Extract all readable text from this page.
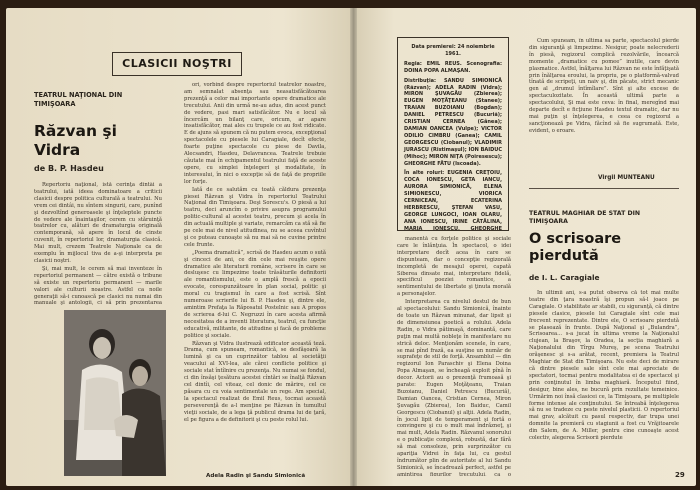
CLASICII NOŞTRI
TEATRUL NAŢIONAL DIN TIMIŞOARA
Răzvan şi Vidra
de B. P. Hasdeu

Repertoriu naţional, istă cerinţa dintâi a teatrului, iată ideea dominatoare a criticii clasicii despre politica culturală a teatrului. Nu vrem cei dintâi, nu sîntem singurii, care, punînd şi dezvoltînd generoasele şi înţeleptele puncte de vedere ale înaintaşilor, cerem cu stăruinţă teatrelor cu, alături de dramaturgia originală contemporană, să apere în locul de cinste cuvenit, în repertoriul lor, dramaturgia clasică. Mai mult, crezem Teatrele Naţionale ca de exemplu în mijlocul tiva de a-şi interpreta pe clasicii noştri.

Şi, mai mult, le cerem să mai inventeze în repertoriul permanent — către există o tribune să existe un repertoriu permanent — marile valori ale culturii noastre. Astfel ca noile generaţii să-i cunoască pe clasici nu numai din manuale şi antologii, ci să prin prezentarea

ori, vorbind despre repertoriul teatrelor noastre, am semnalat absenţa sau neasatisfăcătoarea prezenţă a celor mai importante opere dramatice ale trecutului. Anii din urmă ne-au adus, din acest punct de vedere, pasi mari satisfăcător. Nu e locul să încercăm un bilanţ care, oricum, ar apare insatisfăcător, mai ales cu trupele ce au fost ridicate. E de ajuns să spunem că nu putem evoca, excepţional spectacolele cu piesele lui Caragiale, decît efecte, foarte puţine spectacole cu piese de Davila, Alecsandri, Hasdeu, Delavrancea. Teatrele trebuie căutate mai în echipamentul teatrului faţă de aceste opere, cu simplei înţelegeri şi modalitate, în interesului, în nici o excepţie să de faţă de propriile lor forţe.

Iată de ce salutăm cu toată căldura prezenţa piesei Răzvan şi Vidra în repertoriul Teatrului Naţional din Timişoara. Deşi Sorescu's. O piesă a lui teatru, deci aruncîm o privire asupra programului politic-cultural al acestei teatru, precum şi acela în din actuală multiple şi variate, remarcăm ca stă să fie pe cele mai de nivel atitudinea, nu se aceea cuvîntul şi ce puteau cunoaşte să nu mai să ne cuvine printre cele frunte.

„Poema dramatică”, scrisă de Hasdeu acum o sută şi cinceci de ani, ce din cele mai reuşite opere dramatice ale literaturii române, scrisere în care se desluşesc cu limpezime toate trăsăturile definitorii ale romantismului, este o amplă frescă a epocii evocate, corespunzătoare în plan social, politic şi moral cu tragismul în care a fost scrisă. Sînt numeroase scrierile lui B. P. Hasdeu şi, dintre ele, amintim Prefaţa la Răposatul Postelnic sau A propos de scrierea d-lui C. Negruzzi în care acesta afirmă necesitatea de a inventi literatura, teatrul, cu funcţie educativă, militante, de atitudine şi facă de probleme politice şi sociale.

Răzvan şi Vidra ilustrează edificator această teză. Drama, cum spuneam, romantică, se desfăşoară la lumină şi ca un cuprinzător tablou al societăţii veacului al XVI-lea, ale cărei conflicte politice şi sociale stat întîlnire cu prezenţa. Nu numai se fondul, ci din însăşi ţesătura acestei cîntări se înalţă Răzvan cel dintîi, cel viteaz, cel donic de mărire, cel ce păsara cu cu voia sentimentale un rege. Am special, la spectacul realizat de Emil Reus, tocmai această perseverenţă de a-l menţine pe Răzvan în tumultul vieţii sociale, de a lega ţă publicul drama lui de ţară, el pe figura a de definitorii şi cu peste rolul lui.

Adela Radin şi Sandu Simionică
Data premierei: 24 noiembrie 1961.
Regia: EMIL REUS. Scenografia: DOINA POPA ALMAŞAN.
Distribuţia: SANDU SIMIONICĂ (Răzvan); ADELA RADIN (Vidra); MIRON ŞUVAGĂU (Zbierea); EUGEN MOŢĂŢEANU (Stanee); TRAIAN BUZOIANU (Bogdan); DANIEL PETRESCU (Bucuriă); CRISTIAN CERNEA (Gânea); DAMIAN OANCEA (Vulpe); VICTOR ODILIO CIMBRU (Ganea); CAMIL GEORGESCU (Ciobanul); VLADIMIR JURASCU (Ristimaşul); ION BAIDUC (Mihoc); MIRON NIŢA (Poiresescu); GHEORGHE FĂTU (Iscoada).
În alte roluri: EUGENIA CREŢOIU, COCA IONESCU, GETA IANCU, AURORA SIMIONICĂ, ELENA SIMIONESCU, VIORICA CERNICEAN, ECATERINA HERBRESCU, ŞTEFAN VASU, GEORGE LUNGOCI, IOAN OLARU, ANA IONESCU, IRINE CĂTĂLINA, MARIA IONESCU, GHEORGHE

Cum spuneam, în ultima sa parte, spectacolul pierde din siguranţă şi limpezime. Nesigur, poate nelecrederii în piesă, regizorul complică rezolvările, încearcă momente „dramatice cu pomee” inutile, care devin plasmatice. Astfel, înălţarea lui Răzvan ne este înfăţişată prin înălţarea eroului, la propriu, pe o platformă-valvud tînată de scripeţi, un naiv şi, din păcate, strict mecanic gen al „drumul întîmîlare”. Sînt şi alte excese de spectaculozitate. În această ultimă parte a spectacolului, Şi mai este ceva: în final, meregînd mai departe decît e ficţiune Hasdeu textul dramatic, dar nu mai puţin şi înţelegerea, e ceea ce regizorul a sancţionează pe Vidra, făcînd să fie sugrumată. Este, evident, o eroare.

Virgil MUNTEANU

manentă cu forţele politice şi sociale care le înlănţuia. În spectacol, o idei interpretare decît acea în care se dispunteam, dar o concepţie regizorală incompletă de mesajul operei, capată Siberea dinsate mai, interpretare fidelă, specificul poeziei romantice, a sentimentului de libertate şi ţinuta morală a personajelor.

Interpretarea cu nivelul destul de bun al spectacolului: Sandu Simionică, înainte de toate un Răzvan minunat, dar lipsit şi de dimensiunea poetică a rolului. Adela Radin, o Vidra pătimaşă, dominantă, care puţin mai multă nobleţe în manifestare nu strică deloc. Menţionăm scenele, în care, se mai pînd frază, ea susţine un număr de suprafeţe de stil de forţă. Ansamblul — din regizorul Ion Paraschiv şi Elena Doina Popa Almaşan, se încheagă exploit pînă în decor. Actorii au o prezenţă frumoasă şi parate: Eugen Moţăţeanu, Traian Buzoianu, Daniel Petrescu (Bucuriă), Damian Oancea, Cristian Cernea, Miron Şuvagău (Zbierea), Ion Baiduc, Camil Georgescu (Ciobanul) şi alţii. Adela Radin, în jocul lipit de temperament şi fortă o convingere şi cu o mult mai îndrăzneţ, şi mai mult, Adela Radin. Răzvanul sonorului e o publicaţie complexă, robustă, dar fără să mai consoleze, prin surprinzător cu apariţia Vidrei în faţa lui, cu gestul îndrumător plin de autoritate al lui Sandu Simionică, se încadrează perfect, astfel pe amintirea figurilor trecutului, ca o

TEATRUL MAGHIAR DE STAT DIN TIMIŞOARA
O scrisoare pierdută
de I. L. Caragiale

În ultimii ani, s-a putut observa că tot mai multe teatre din ţara noastră îşi propun să-l joace pe Caragiale. O stabilitate ar stabili, cu siguranţă, că dintre piesele clasice, piesele lui Caragiale sînt cele mai frecvent reprezentate. Dintre ele, O scrisoare pierdută se plasează în frunte. După Naţional şi „Bulandra”, Scrisoarea... s-a jucat în ultima vreme la Naţionalul clujean, la Braşov, la Oradea, la secţia maghiară a Naţionalului din Tîrgu Mureş, pe scena Teatrului orăşenesc şi s-a arătat, recent, premiera la Teatrul Maghiar de Stat din Timişoara. Nu este deci de mirare că dintre piesele sale sînt cele mai apreciate de spectatori, tocmai pentru modalitatea ei de spectacol şi prin conţinutul în limba maghiară. Începutul fiind, desigur, bine ales, ne bucură prin rezultate temeinice. Urmărim noi însă clasicei ce, la Timişoara, pe multiplele forme intense ale conţinutului. Se întreabă înţelegerea să nu se tradeze cu peste nivelul plasticii. O repertoriul mai grav, alcătuit cu pasul respectiv, dar trupa unei domnite la premieră cu stagiunii a fost cu Vrăjitoarele din Salem, de A. Miller, pentru cine cunoaşte acest colectiv, alegerea Scrisorii pierdute

29
